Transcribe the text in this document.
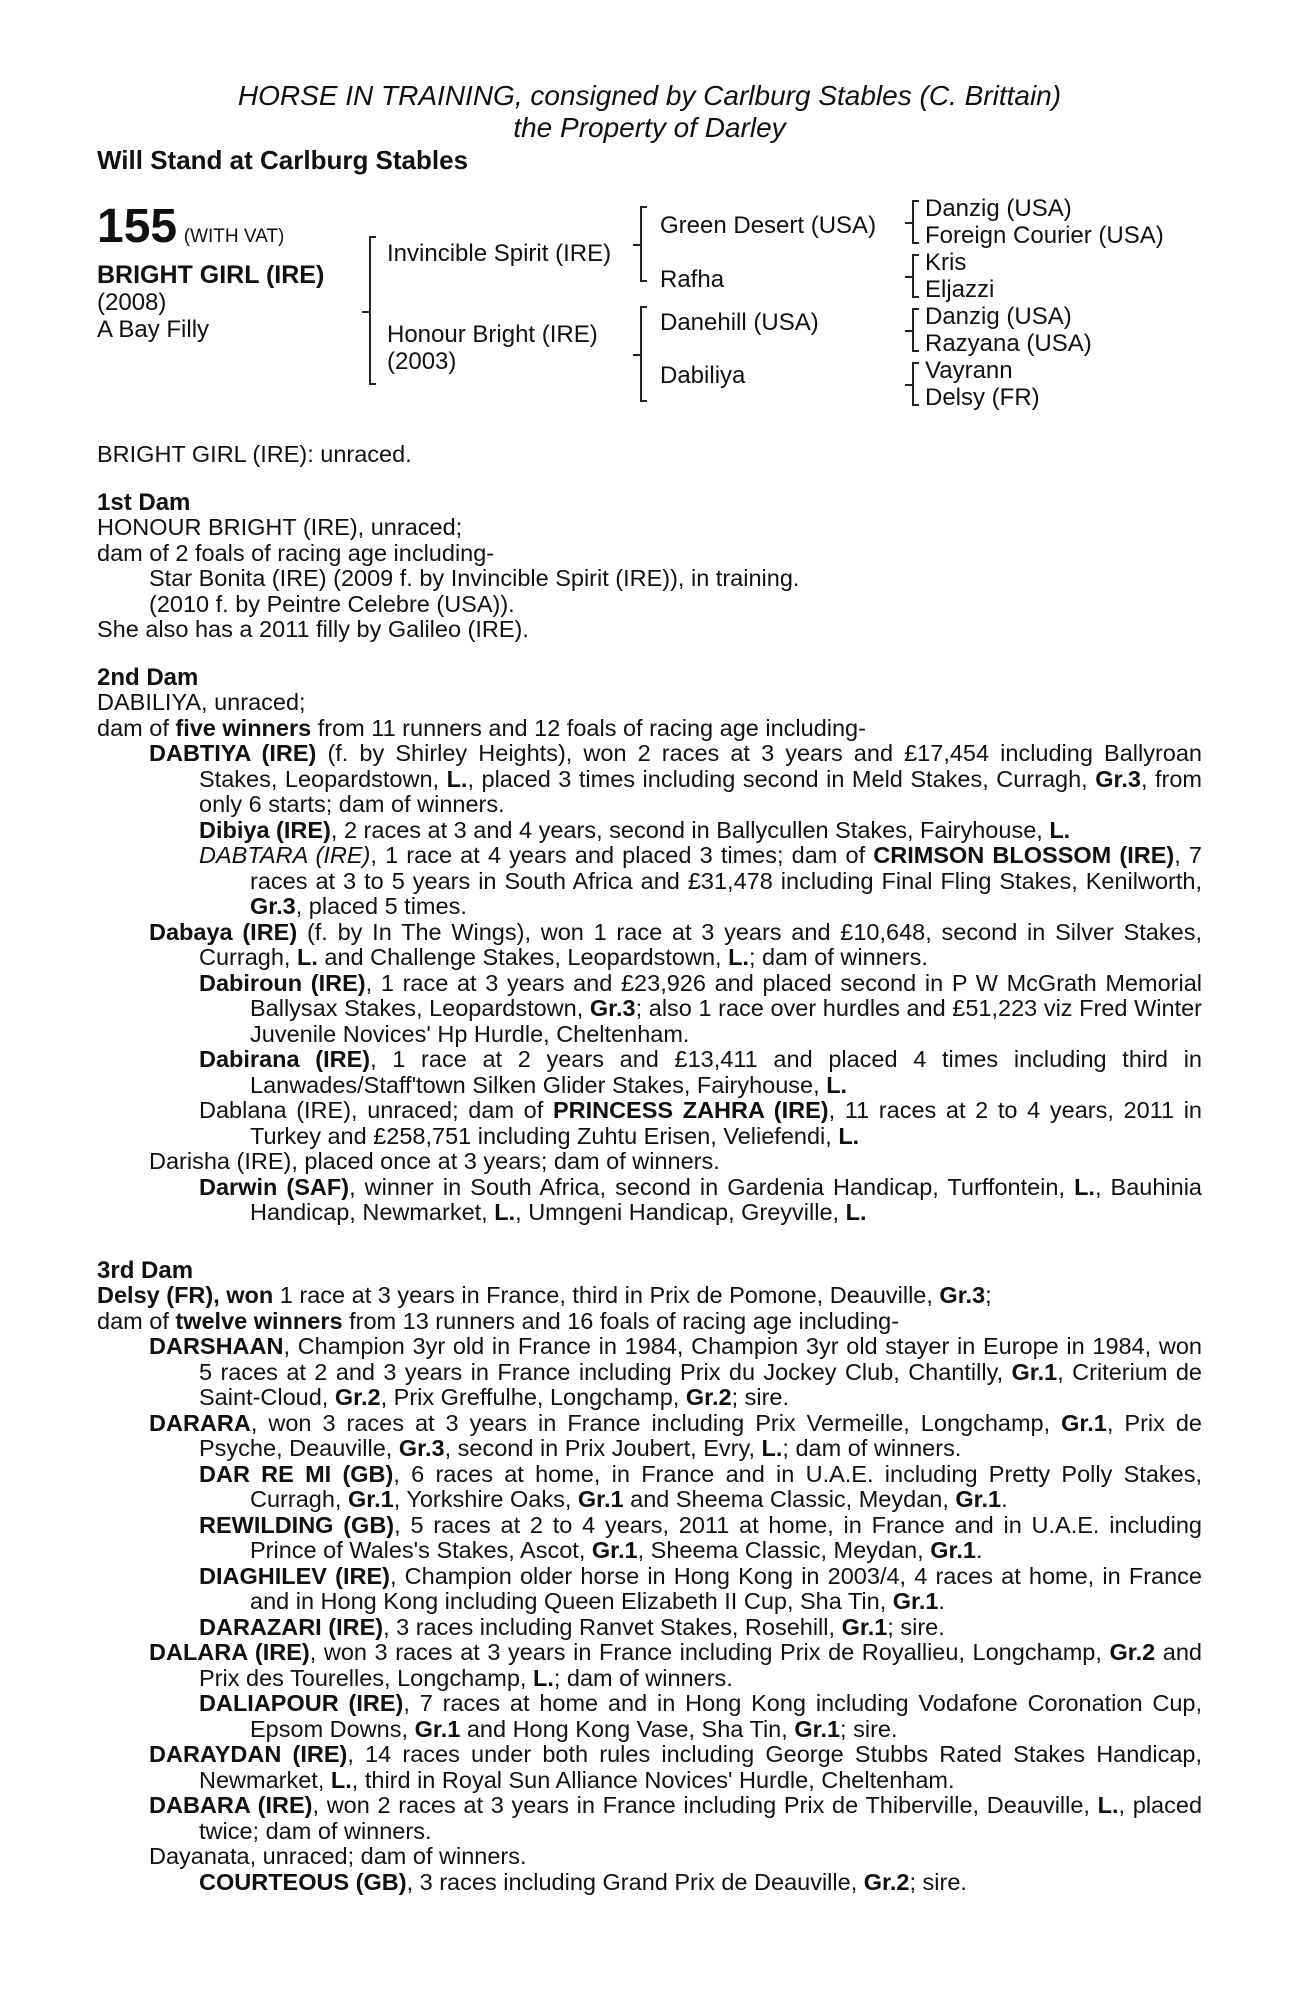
HORSE IN TRAINING, consigned by Carlburg Stables (C. Brittain)
the Property of Darley
Will Stand at Carlburg Stables
155 (WITH VAT)
BRIGHT GIRL (IRE)
(2008)
A Bay Filly
Invincible Spirit (IRE)
Honour Bright (IRE)
(2003)
Green Desert (USA)
Rafha
Danehill (USA)
Dabiliya
Danzig (USA)
Foreign Courier (USA)
Kris
Eljazzi
Danzig (USA)
Razyana (USA)
Vayrann
Delsy (FR)

BRIGHT GIRL (IRE): unraced.

1st Dam

HONOUR BRIGHT (IRE), unraced;

dam of 2 foals of racing age including-

Star Bonita (IRE) (2009 f. by Invincible Spirit (IRE)), in training.

(2010 f. by Peintre Celebre (USA)).

She also has a 2011 filly by Galileo (IRE).

2nd Dam

DABILIYA, unraced;

dam of five winners from 11 runners and 12 foals of racing age including-

DABTIYA (IRE) (f. by Shirley Heights), won 2 races at 3 years and £17,454 including Ballyroan Stakes, Leopardstown, L., placed 3 times including second in Meld Stakes, Curragh, Gr.3, from only 6 starts; dam of winners.

Dibiya (IRE), 2 races at 3 and 4 years, second in Ballycullen Stakes, Fairyhouse, L.

DABTARA (IRE), 1 race at 4 years and placed 3 times; dam of CRIMSON BLOSSOM (IRE), 7 races at 3 to 5 years in South Africa and £31,478 including Final Fling Stakes, Kenilworth, Gr.3, placed 5 times.

Dabaya (IRE) (f. by In The Wings), won 1 race at 3 years and £10,648, second in Silver Stakes, Curragh, L. and Challenge Stakes, Leopardstown, L.; dam of winners.

Dabiroun (IRE), 1 race at 3 years and £23,926 and placed second in P W McGrath Memorial Ballysax Stakes, Leopardstown, Gr.3; also 1 race over hurdles and £51,223 viz Fred Winter Juvenile Novices' Hp Hurdle, Cheltenham.

Dabirana (IRE), 1 race at 2 years and £13,411 and placed 4 times including third in Lanwades/Staff'town Silken Glider Stakes, Fairyhouse, L.

Dablana (IRE), unraced; dam of PRINCESS ZAHRA (IRE), 11 races at 2 to 4 years, 2011 in Turkey and £258,751 including Zuhtu Erisen, Veliefendi, L.

Darisha (IRE), placed once at 3 years; dam of winners.

Darwin (SAF), winner in South Africa, second in Gardenia Handicap, Turffontein, L., Bauhinia Handicap, Newmarket, L., Umngeni Handicap, Greyville, L.

3rd Dam

Delsy (FR), won 1 race at 3 years in France, third in Prix de Pomone, Deauville, Gr.3;

dam of twelve winners from 13 runners and 16 foals of racing age including-

DARSHAAN, Champion 3yr old in France in 1984, Champion 3yr old stayer in Europe in 1984, won 5 races at 2 and 3 years in France including Prix du Jockey Club, Chantilly, Gr.1, Criterium de Saint-Cloud, Gr.2, Prix Greffulhe, Longchamp, Gr.2; sire.

DARARA, won 3 races at 3 years in France including Prix Vermeille, Longchamp, Gr.1, Prix de Psyche, Deauville, Gr.3, second in Prix Joubert, Evry, L.; dam of winners.

DAR RE MI (GB), 6 races at home, in France and in U.A.E. including Pretty Polly Stakes, Curragh, Gr.1, Yorkshire Oaks, Gr.1 and Sheema Classic, Meydan, Gr.1.

REWILDING (GB), 5 races at 2 to 4 years, 2011 at home, in France and in U.A.E. including Prince of Wales's Stakes, Ascot, Gr.1, Sheema Classic, Meydan, Gr.1.

DIAGHILEV (IRE), Champion older horse in Hong Kong in 2003/4, 4 races at home, in France and in Hong Kong including Queen Elizabeth II Cup, Sha Tin, Gr.1.

DARAZARI (IRE), 3 races including Ranvet Stakes, Rosehill, Gr.1; sire.

DALARA (IRE), won 3 races at 3 years in France including Prix de Royallieu, Longchamp, Gr.2 and Prix des Tourelles, Longchamp, L.; dam of winners.

DALIAPOUR (IRE), 7 races at home and in Hong Kong including Vodafone Coronation Cup, Epsom Downs, Gr.1 and Hong Kong Vase, Sha Tin, Gr.1; sire.

DARAYDAN (IRE), 14 races under both rules including George Stubbs Rated Stakes Handicap, Newmarket, L., third in Royal Sun Alliance Novices' Hurdle, Cheltenham.

DABARA (IRE), won 2 races at 3 years in France including Prix de Thiberville, Deauville, L., placed twice; dam of winners.

Dayanata, unraced; dam of winners.

COURTEOUS (GB), 3 races including Grand Prix de Deauville, Gr.2; sire.
